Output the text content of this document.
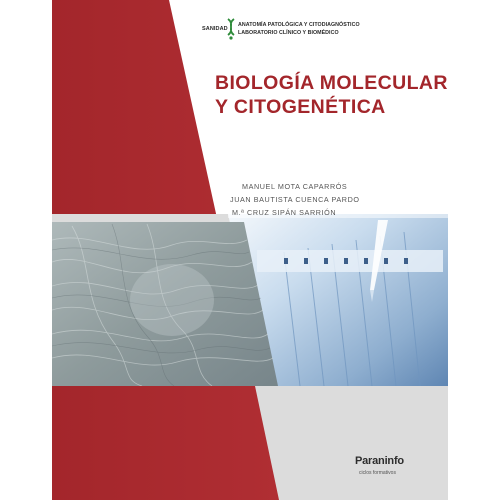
SANIDAD
ANATOMÍA PATOLÓGICA Y CITODIAGNÓSTICO
LABORATORIO CLÍNICO Y BIOMÉDICO
BIOLOGÍA MOLECULAR
Y CITOGENÉTICA
MANUEL MOTA CAPARRÓS
JUAN BAUTISTA CUENCA PARDO
M.ª CRUZ SIPÁN SARRIÓN
Paraninfo
ciclos formativos
